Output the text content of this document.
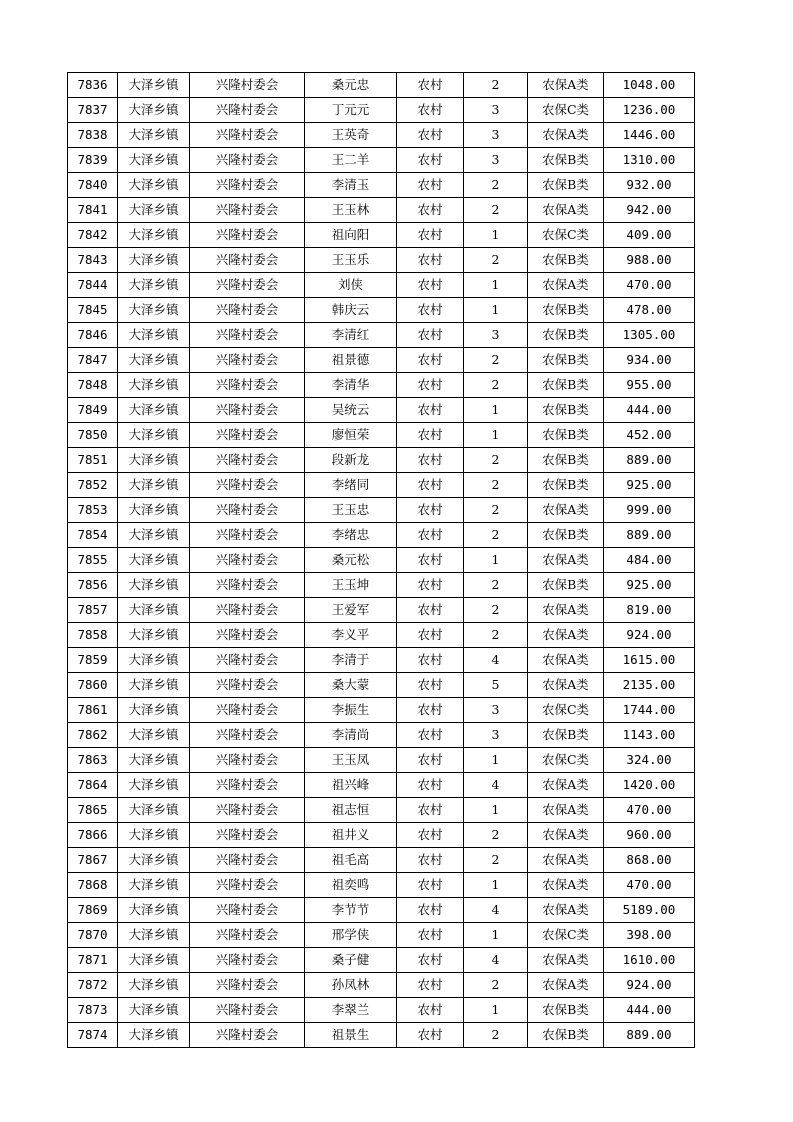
7836	大泽乡镇	兴隆村委会	桑元忠	农村	2	农保A类	1048.00
7837	大泽乡镇	兴隆村委会	丁元元	农村	3	农保C类	1236.00
7838	大泽乡镇	兴隆村委会	王英奇	农村	3	农保A类	1446.00
7839	大泽乡镇	兴隆村委会	王二羊	农村	3	农保B类	1310.00
7840	大泽乡镇	兴隆村委会	李清玉	农村	2	农保B类	932.00
7841	大泽乡镇	兴隆村委会	王玉林	农村	2	农保A类	942.00
7842	大泽乡镇	兴隆村委会	祖向阳	农村	1	农保C类	409.00
7843	大泽乡镇	兴隆村委会	王玉乐	农村	2	农保B类	988.00
7844	大泽乡镇	兴隆村委会	刘侠	农村	1	农保A类	470.00
7845	大泽乡镇	兴隆村委会	韩庆云	农村	1	农保B类	478.00
7846	大泽乡镇	兴隆村委会	李清红	农村	3	农保B类	1305.00
7847	大泽乡镇	兴隆村委会	祖景德	农村	2	农保B类	934.00
7848	大泽乡镇	兴隆村委会	李清华	农村	2	农保B类	955.00
7849	大泽乡镇	兴隆村委会	吴统云	农村	1	农保B类	444.00
7850	大泽乡镇	兴隆村委会	廖恒荣	农村	1	农保B类	452.00
7851	大泽乡镇	兴隆村委会	段新龙	农村	2	农保B类	889.00
7852	大泽乡镇	兴隆村委会	李绪同	农村	2	农保B类	925.00
7853	大泽乡镇	兴隆村委会	王玉忠	农村	2	农保A类	999.00
7854	大泽乡镇	兴隆村委会	李绪忠	农村	2	农保B类	889.00
7855	大泽乡镇	兴隆村委会	桑元松	农村	1	农保A类	484.00
7856	大泽乡镇	兴隆村委会	王玉坤	农村	2	农保B类	925.00
7857	大泽乡镇	兴隆村委会	王爱军	农村	2	农保A类	819.00
7858	大泽乡镇	兴隆村委会	李义平	农村	2	农保A类	924.00
7859	大泽乡镇	兴隆村委会	李清于	农村	4	农保A类	1615.00
7860	大泽乡镇	兴隆村委会	桑大蒙	农村	5	农保A类	2135.00
7861	大泽乡镇	兴隆村委会	李振生	农村	3	农保C类	1744.00
7862	大泽乡镇	兴隆村委会	李清尚	农村	3	农保B类	1143.00
7863	大泽乡镇	兴隆村委会	王玉凤	农村	1	农保C类	324.00
7864	大泽乡镇	兴隆村委会	祖兴峰	农村	4	农保A类	1420.00
7865	大泽乡镇	兴隆村委会	祖志恒	农村	1	农保A类	470.00
7866	大泽乡镇	兴隆村委会	祖井义	农村	2	农保A类	960.00
7867	大泽乡镇	兴隆村委会	祖毛高	农村	2	农保A类	868.00
7868	大泽乡镇	兴隆村委会	祖奕鸣	农村	1	农保A类	470.00
7869	大泽乡镇	兴隆村委会	李节节	农村	4	农保A类	5189.00
7870	大泽乡镇	兴隆村委会	邢学侠	农村	1	农保C类	398.00
7871	大泽乡镇	兴隆村委会	桑子健	农村	4	农保A类	1610.00
7872	大泽乡镇	兴隆村委会	孙凤林	农村	2	农保A类	924.00
7873	大泽乡镇	兴隆村委会	李翠兰	农村	1	农保B类	444.00
7874	大泽乡镇	兴隆村委会	祖景生	农村	2	农保B类	889.00
